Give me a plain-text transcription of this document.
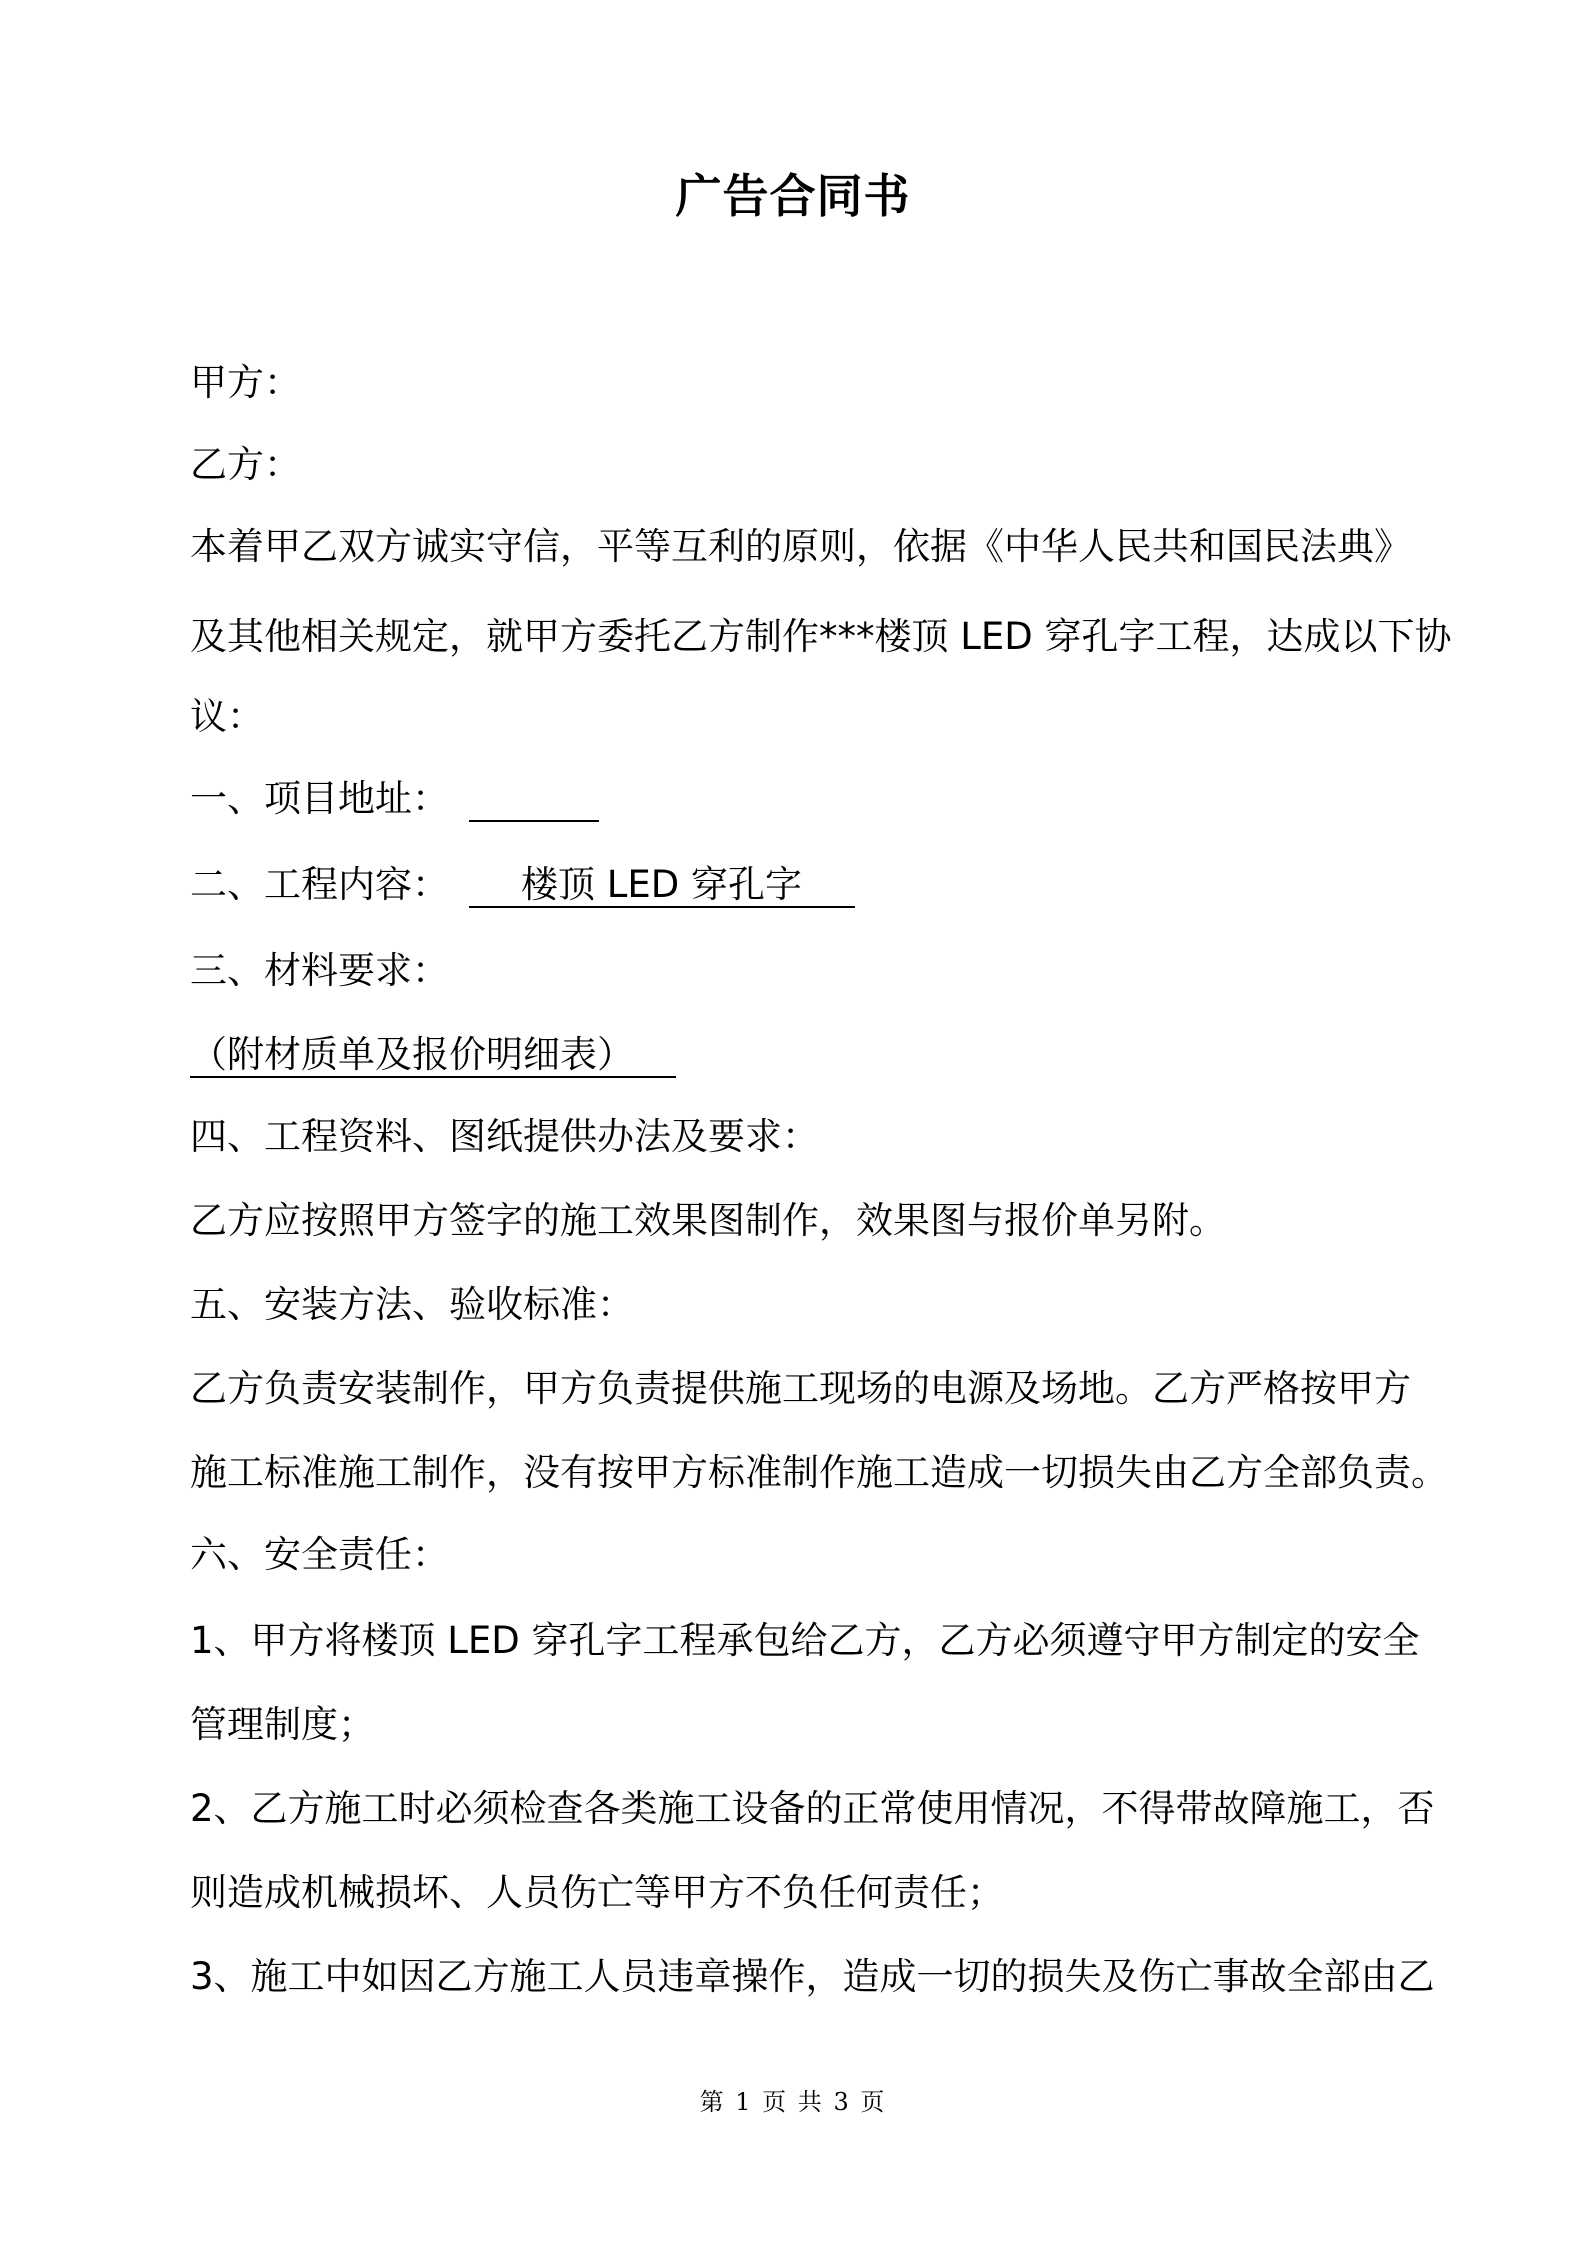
广告合同书
甲方：
乙方：
本着甲乙双方诚实守信，平等互利的原则，依据《中华人民共和国民法典》
及其他相关规定，就甲方委托乙方制作***楼顶 LED 穿孔字工程，达成以下协
议：
一、项目地址：
二、工程内容： 楼顶 LED 穿孔字
三、材料要求：
（附材质单及报价明细表）
四、工程资料、图纸提供办法及要求：
乙方应按照甲方签字的施工效果图制作，效果图与报价单另附。
五、安装方法、验收标准：
乙方负责安装制作，甲方负责提供施工现场的电源及场地。乙方严格按甲方
施工标准施工制作，没有按甲方标准制作施工造成一切损失由乙方全部负责。
六、安全责任：
1、甲方将楼顶 LED 穿孔字工程承包给乙方，乙方必须遵守甲方制定的安全
管理制度；
2、乙方施工时必须检查各类施工设备的正常使用情况，不得带故障施工，否
则造成机械损坏、人员伤亡等甲方不负任何责任；
3、施工中如因乙方施工人员违章操作，造成一切的损失及伤亡事故全部由乙
第 1 页 共 3 页
